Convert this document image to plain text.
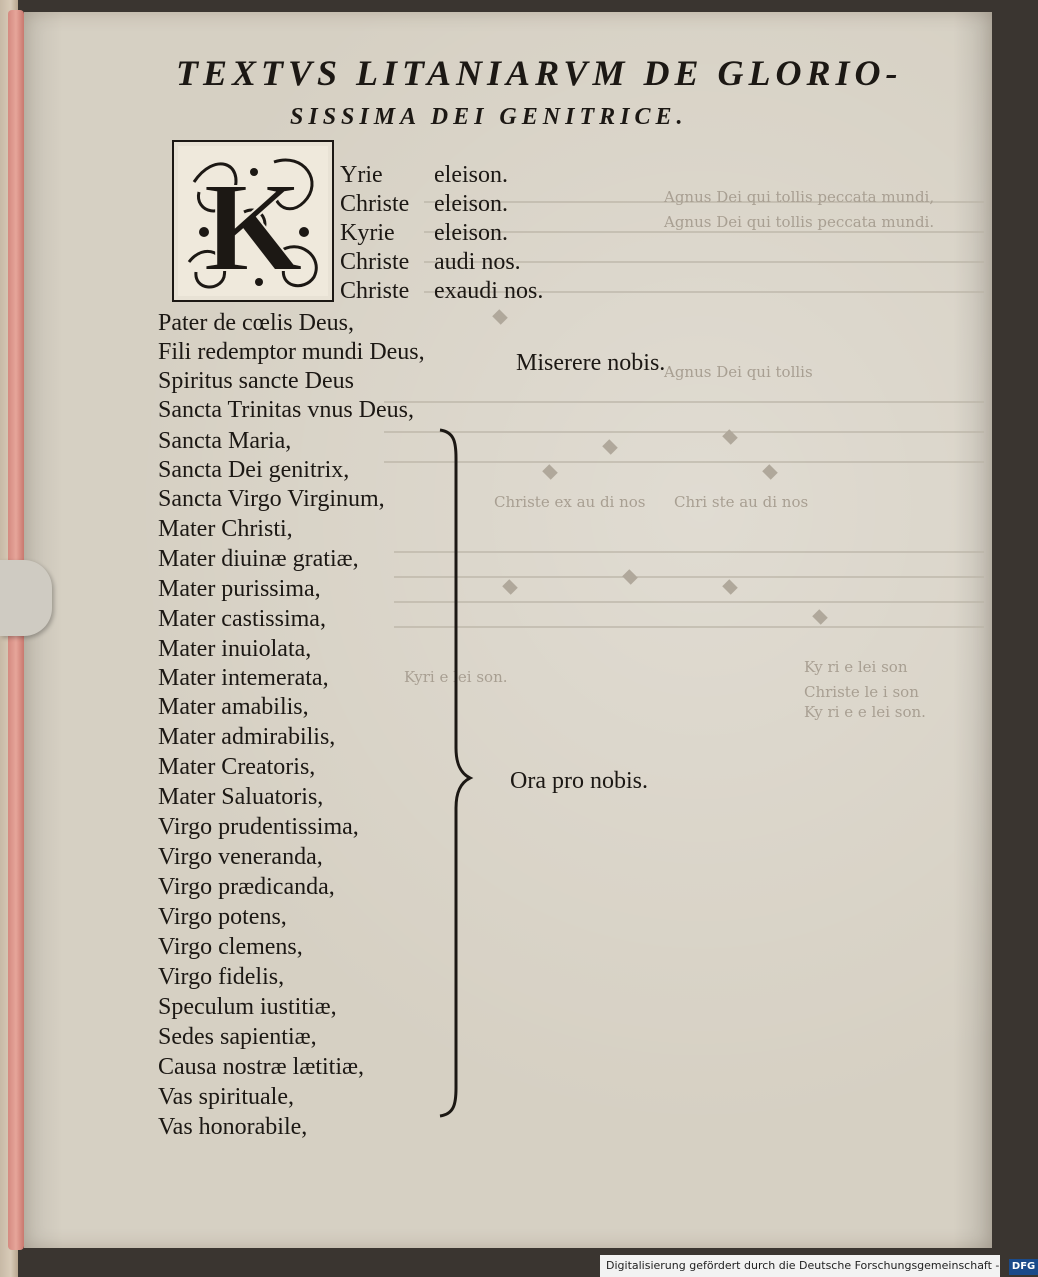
Chri ste au di nos
Christe ex au di nos
Ky ri e lei son
Christe le i son
Ky ri e e lei son.
Kyri e lei son.
Agnus Dei qui tollis peccata mundi,
Agnus Dei qui tollis peccata mundi.
Agnus Dei qui tollis
TEXTVS LITANIARVM DE GLORIO-
SISSIMA DEI GENITRICE.
K Yrie eleison.
Christe eleison.
Kyrie eleison.
Christe audi nos.
Christe exaudi nos.
Pater de cœlis Deus,
Fili redemptor mundi Deus,
Spiritus sancte Deus
Sancta Trinitas vnus Deus,
Miserere nobis.
Sancta Maria,
Sancta Dei genitrix,
Sancta Virgo Virginum,
Mater Christi,
Mater diuinæ gratiæ,
Mater purissima,
Mater castissima,
Mater inuiolata,
Mater intemerata,
Mater amabilis,
Mater admirabilis,
Mater Creatoris,
Mater Saluatoris,
Virgo prudentissima,
Virgo veneranda,
Virgo prædicanda,
Virgo potens,
Virgo clemens,
Virgo fidelis,
Speculum iustitiæ,
Sedes sapientiæ,
Causa nostræ lætitiæ,
Vas spirituale,
Vas honorabile,
Ora pro nobis.
Digitalisierung gefördert durch die Deutsche Forschungsgemeinschaft - DFG
